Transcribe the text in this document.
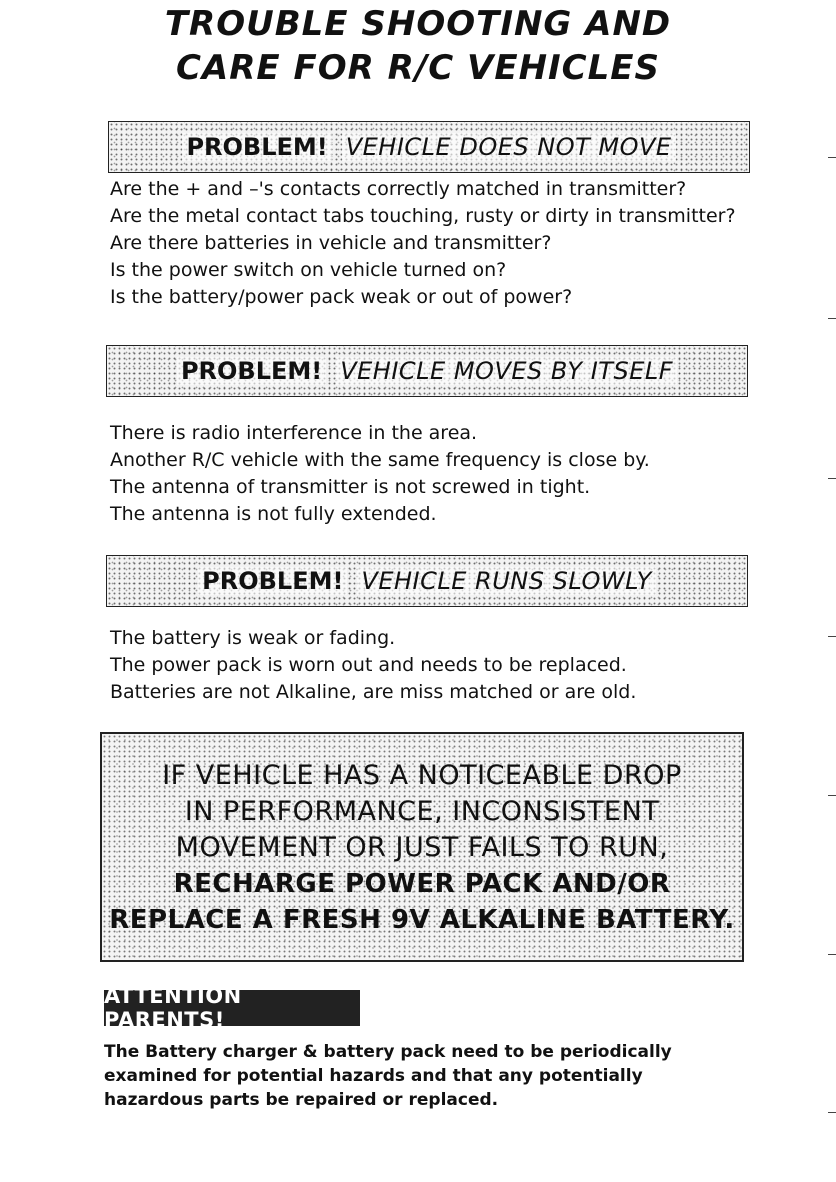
TROUBLE SHOOTING AND
CARE FOR R/C VEHICLES
PROBLEM! VEHICLE DOES NOT MOVE
Are the + and –'s contacts correctly matched in transmitter?
Are the metal contact tabs touching, rusty or dirty in transmitter?
Are there batteries in vehicle and transmitter?
Is the power switch on vehicle turned on?
Is the battery/power pack weak or out of power?
PROBLEM! VEHICLE MOVES BY ITSELF
There is radio interference in the area.
Another R/C vehicle with the same frequency is close by.
The antenna of transmitter is not screwed in tight.
The antenna is not fully extended.
PROBLEM! VEHICLE RUNS SLOWLY
The battery is weak or fading.
The power pack is worn out and needs to be replaced.
Batteries are not Alkaline, are miss matched or are old.
IF VEHICLE HAS A NOTICEABLE DROP
IN PERFORMANCE, INCONSISTENT
MOVEMENT OR JUST FAILS TO RUN,
RECHARGE POWER PACK AND/OR
REPLACE A FRESH 9V ALKALINE BATTERY.
ATTENTION PARENTS!
The Battery charger & battery pack need to be periodically
examined for potential hazards and that any potentially
hazardous parts be repaired or replaced.
